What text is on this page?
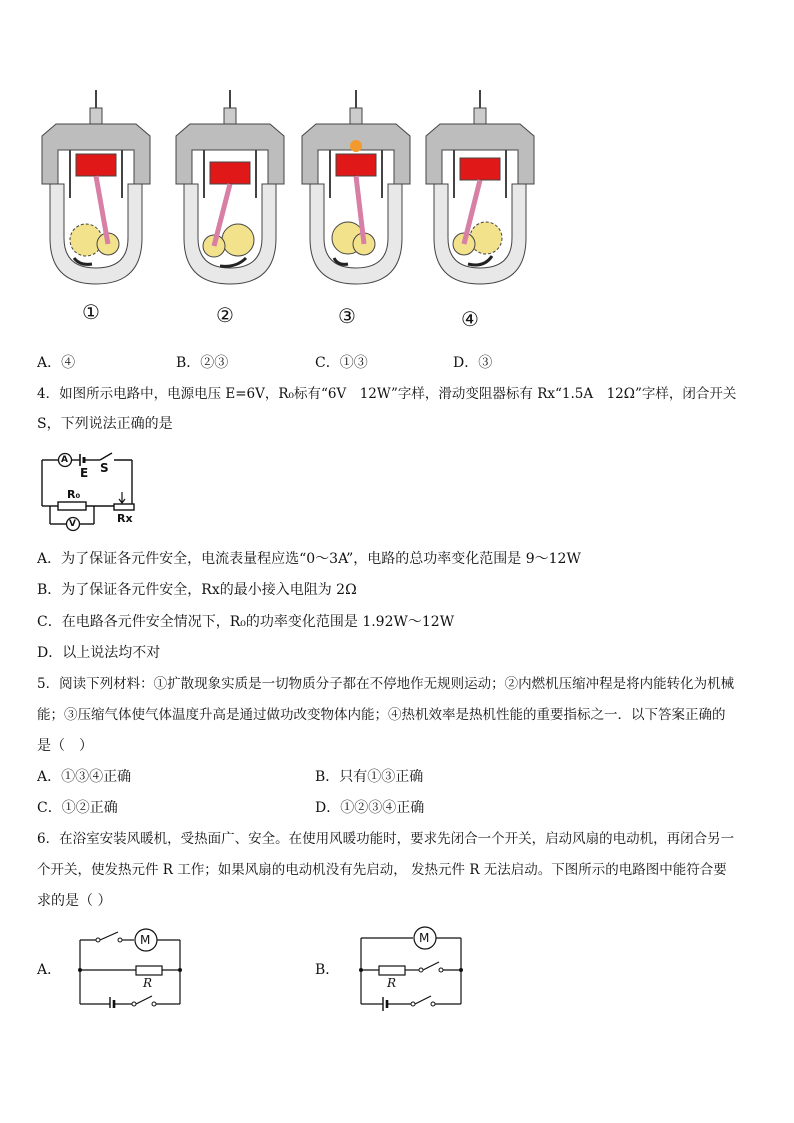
①	②	③	④
A．④	B．②③	C．①③	D．③
4．如图所示电路中，电源电压 E=6V，R₀标有“6V　12W”字样，滑动变阻器标有 Rx“1.5A　12Ω”字样，闭合开关
S，下列说法正确的是
A
E S
R₀
Rx
V
A．为了保证各元件安全，电流表量程应选“0～3A”，电路的总功率变化范围是 9～12W
B．为了保证各元件安全，Rx的最小接入电阻为 2Ω
C．在电路各元件安全情况下，R₀的功率变化范围是 1.92W～12W
D．以上说法均不对
5．阅读下列材料：①扩散现象实质是一切物质分子都在不停地作无规则运动；②内燃机压缩冲程是将内能转化为机械
能；③压缩气体使气体温度升高是通过做功改变物体内能；④热机效率是热机性能的重要指标之一．以下答案正确的
是（　）
A．①③④正确	B．只有①③正确
C．①②正确	D．①②③④正确
6．在浴室安装风暖机，受热面广、安全。在使用风暖功能时，要求先闭合一个开关，启动风扇的电动机，再闭合另一
个开关，使发热元件 R 工作；如果风扇的电动机没有先启动， 发热元件 R 无法启动。下图所示的电路图中能符合要
求的是（ ）
A．
M
R
B．
M
R
